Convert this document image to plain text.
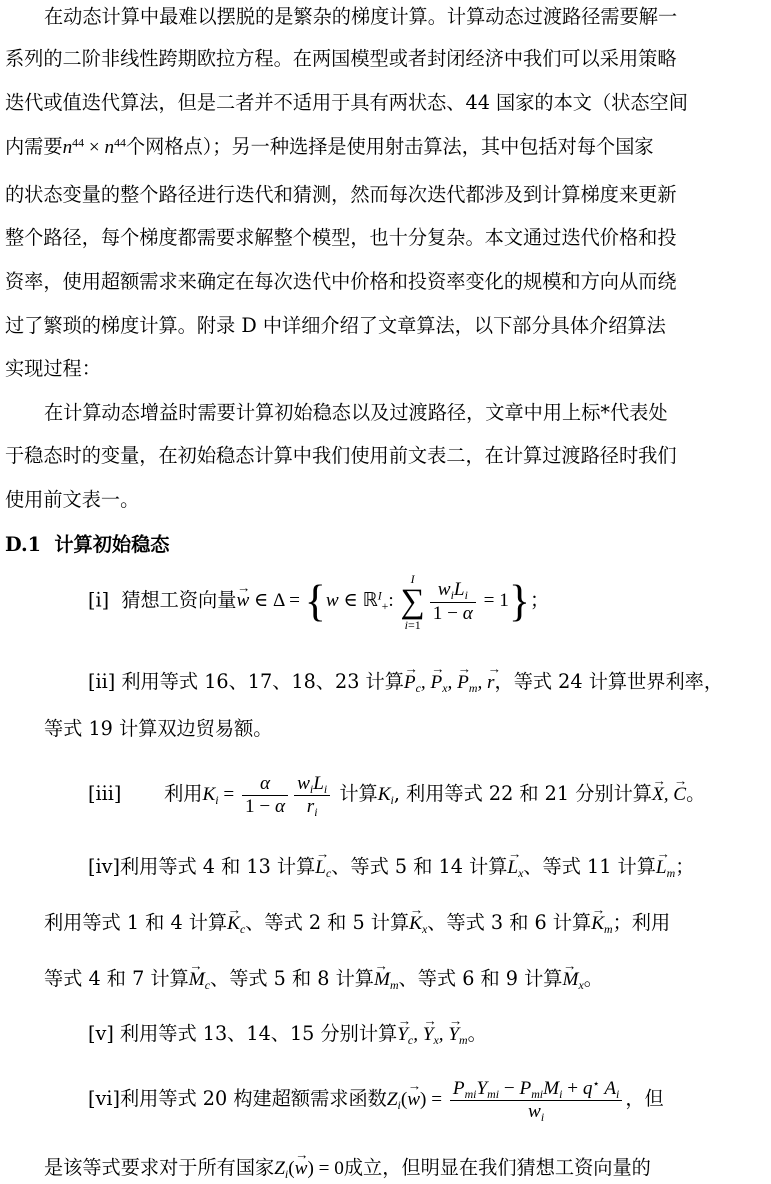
在动态计算中最难以摆脱的是繁杂的梯度计算。计算动态过渡路径需要解一
系列的二阶非线性跨期欧拉方程。在两国模型或者封闭经济中我们可以采用策略
迭代或值迭代算法，但是二者并不适用于具有两状态、44 国家的本文（状态空间
内需要$n^{44} \times n^{44}$个网格点）；另一种选择是使用射击算法，其中包括对每个国家
的状态变量的整个路径进行迭代和猜测，然而每次迭代都涉及到计算梯度来更新
整个路径，每个梯度都需要求解整个模型，也十分复杂。本文通过迭代价格和投
资率，使用超额需求来确定在每次迭代中价格和投资率变化的规模和方向从而绕
过了繁琐的梯度计算。附录 D 中详细介绍了文章算法，以下部分具体介绍算法
实现过程：
在计算动态增益时需要计算初始稳态以及过渡路径，文章中用上标*代表处
于稳态时的变量，在初始稳态计算中我们使用前文表二，在计算过渡路径时我们
使用前文表一。
D.1 计算初始稳态
[i] 猜想工资向量→ w ∈ Δ = {w ∈ ℝ$^I_+$:
I
∑
i=1
$\frac{w_iL_i}{1 - \alpha} = 1$}；
[ii] 利用等式 16、17、18、23 计算→ $P_c$, → $P_x$, → $P_m$, → r，等式 24 计算世界利率，
等式 19 计算双边贸易额。
[iii] 利用$K_i = \frac{\alpha}{1 - \alpha} \frac{w_iL_i}{r_i}$ 计算$K_i$, 利用等式 22 和 21 分别计算→ X, → C。
[iv]利用等式 4 和 13 计算→ $L_c$、等式 5 和 14 计算→ $L_x$、等式 11 计算→ $L_m$；
利用等式 1 和 4 计算→ $K_c$、等式 2 和 5 计算→ $K_x$、等式 3 和 6 计算→ $K_m$；利用
等式 4 和 7 计算→ $M_c$、等式 5 和 8 计算→ $M_m$、等式 6 和 9 计算→ $M_x$。
[v] 利用等式 13、14、15 分别计算→ $Y_c$, → $Y_x$, → $Y_m$。
[vi]利用等式 20 构建超额需求函数$Z_i(\to w) = \frac{P_{mi}Y_{mi} - P_{mi}M_i + q^⋆ A_i}{w_i}$ ，但
是该等式要求对于所有国家$Z_i(\to w) = 0$成立，但明显在我们猜想工资向量的
